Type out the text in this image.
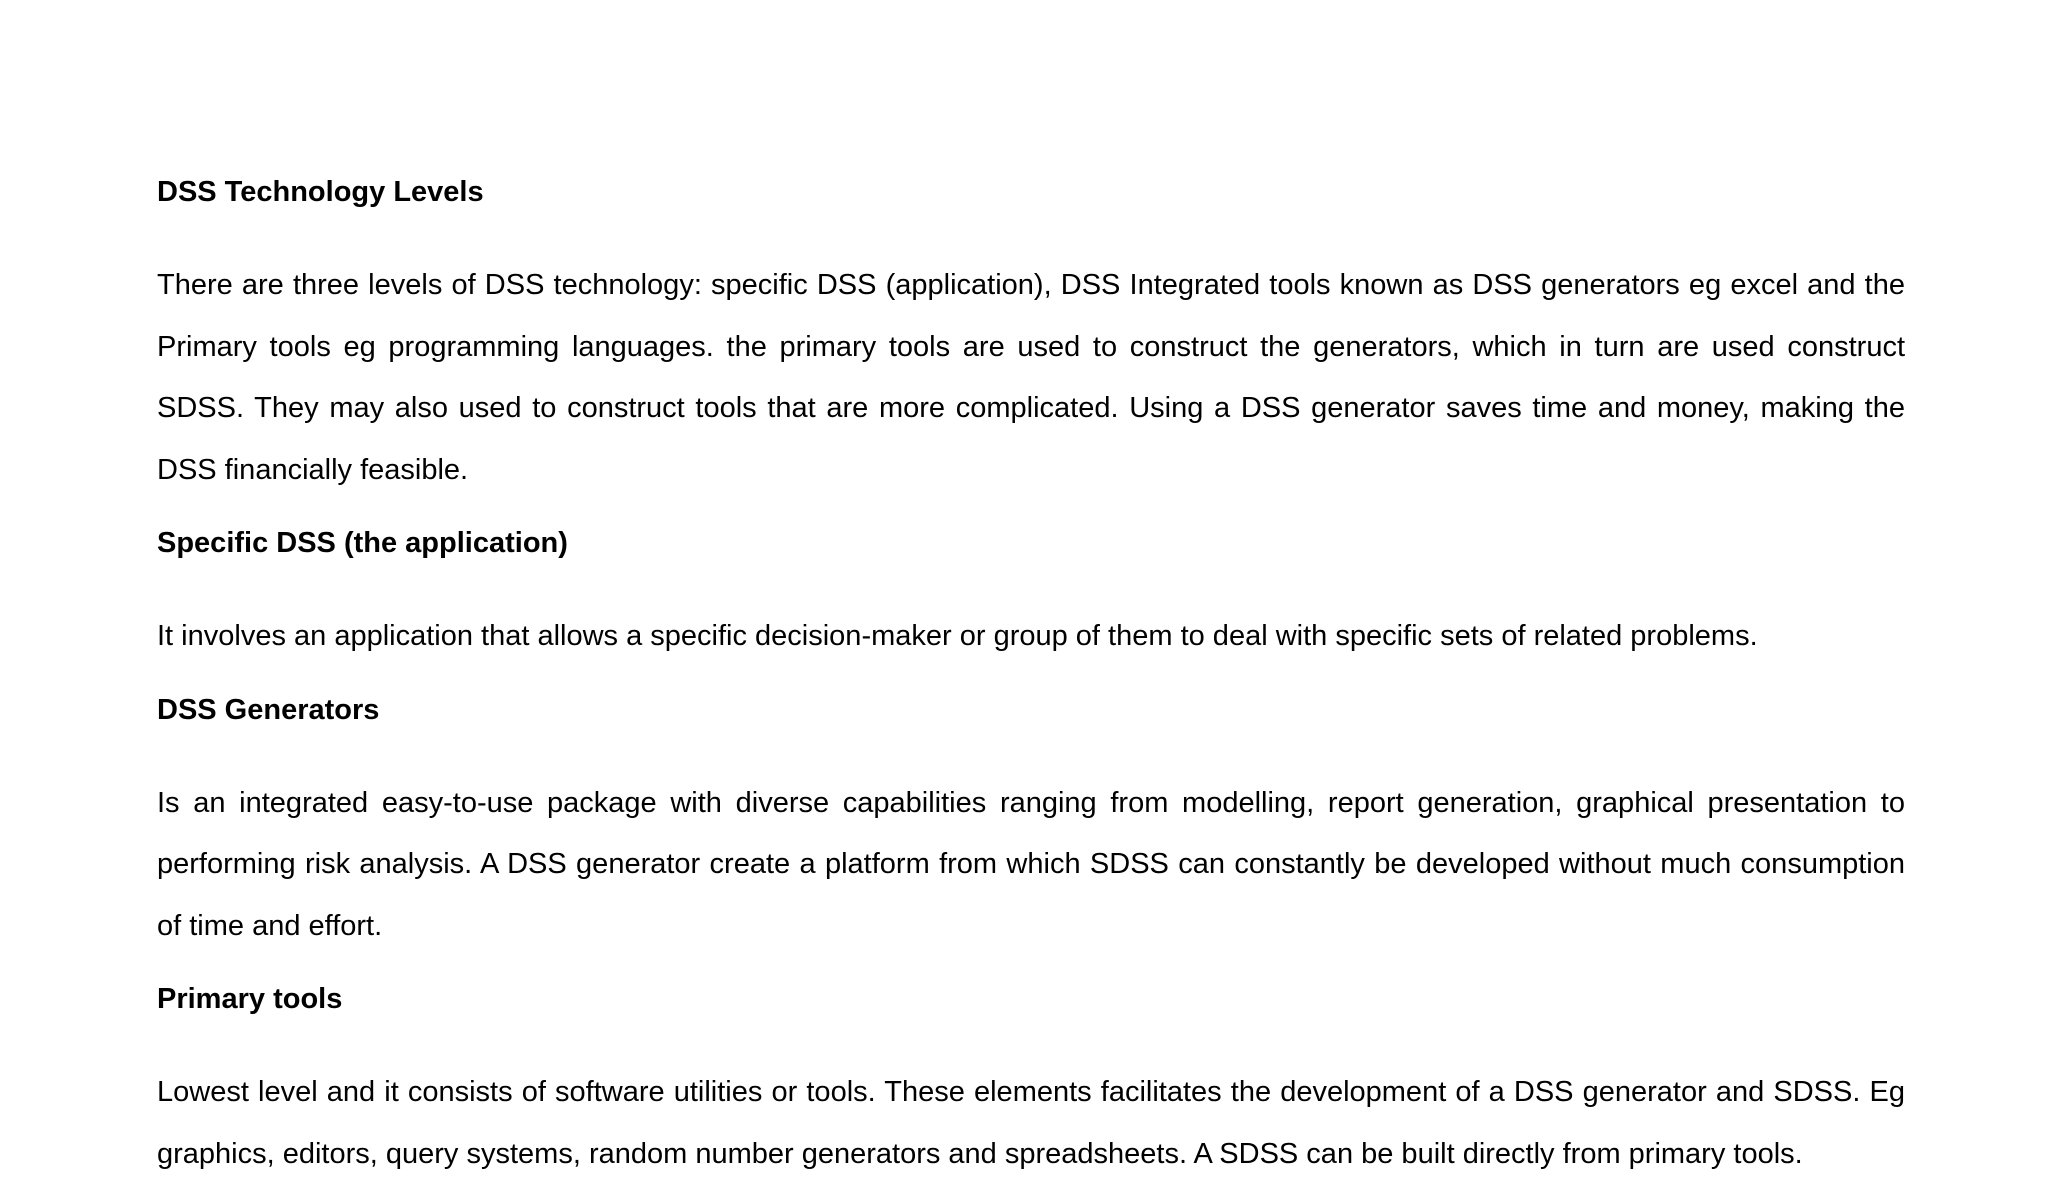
DSS Technology Levels

There are three levels of DSS technology: specific DSS (application), DSS Integrated tools known as DSS generators eg excel and the Primary tools eg programming languages. the primary tools are used to construct the generators, which in turn are used construct SDSS. They may also used to construct tools that are more complicated. Using a DSS generator saves time and money, making the DSS financially feasible.

Specific DSS (the application)

It involves an application that allows a specific decision-maker or group of them to deal with specific sets of related problems.

DSS Generators

Is an integrated easy-to-use package with diverse capabilities ranging from modelling, report generation, graphical presentation to performing risk analysis. A DSS generator create a platform from which SDSS can constantly be developed without much consumption of time and effort.

Primary tools

Lowest level and it consists of software utilities or tools. These elements facilitates the development of a DSS generator and SDSS. Eg graphics, editors, query systems, random number generators and spreadsheets. A SDSS can be built directly from primary tools.
